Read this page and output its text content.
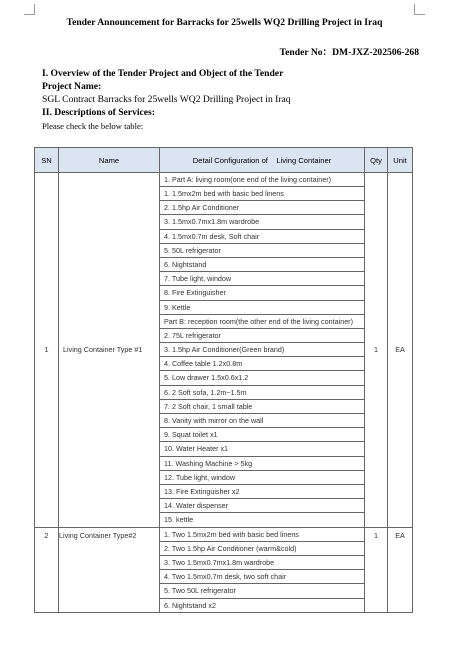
Tender Announcement for Barracks for 25wells WQ2 Drilling Project in Iraq
Tender No：DM-JXZ-202506-268
I. Overview of the Tender Project and Object of the Tender
Project Name:
SGL Contract Barracks for 25wells WQ2 Drilling Project in Iraq
II. Descriptions of Services:
Please check the below table:
SN	Name	Detail Configuration of    Living Container	Qty	Unit
1	Living Container Type #1	1. Part A: living room(one end of the living container)	1	EA
		1. 1.5mx2m bed with basic bed linens		
		2. 1.5hp Air Conditioner		
		3. 1.5mx0.7mx1.8m wardrobe		
		4. 1.5mx0.7m desk, Soft chair		
		5. 50L refrigerator		
		6. Nightstand		
		7. Tube light, window		
		8. Fire Extinguisher		
		9. Kettle		
		Part B: reception room(the other end of the living container)		
		2. 75L refrigerator		
		3. 1.5hp Air Conditioner(Green brand)		
		4. Coffee table 1.2x0.8m		
		5. Low drawer 1.5x0.6x1.2		
		6. 2 Soft sofa, 1.2m~1.5m		
		7. 2 Soft chair, 1 small table		
		8. Vanity with mirror on the wall		
		9. Squat toilet x1		
		10. Water Heater x1		
		11. Washing Machine > 5kg		
		12. Tube light, window		
		13. Fire Extinguisher x2		
		14. Water dispenser		
		15. kettle		
2	Living Container Type#2	1. Two 1.5mx2m bed with basic bed linens	1	EA
		2. Two 1.5hp Air Conditioner (warm&cold)		
		3. Two 1.5mx0.7mx1.8m wardrobe		
		4. Two 1.5mx0.7m desk, two soft chair		
		5. Two 50L refrigerator		
		6. Nightstand x2		
